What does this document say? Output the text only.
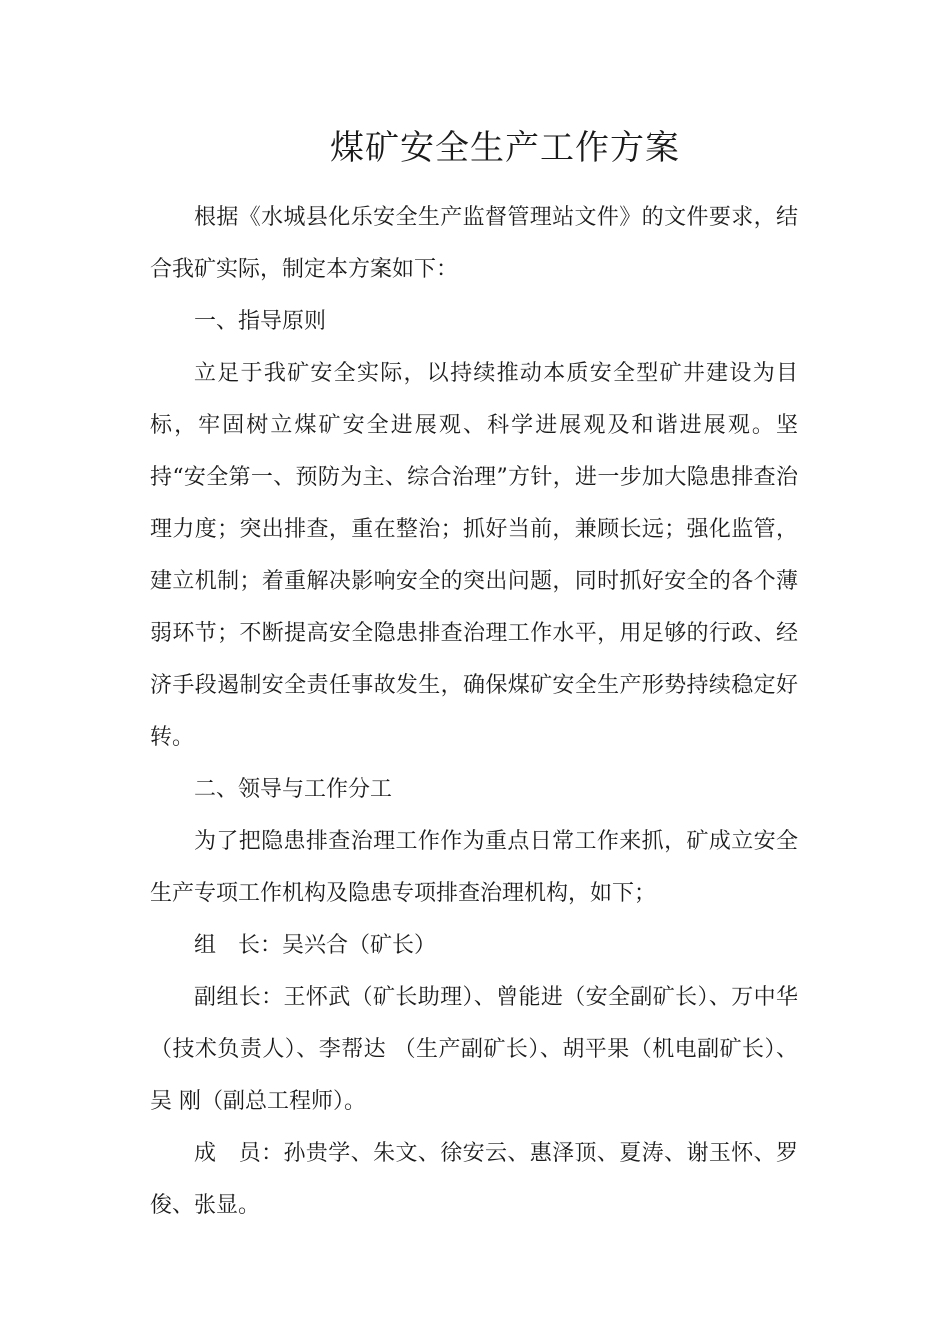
煤矿安全生产工作方案

根据《水城县化乐安全生产监督管理站文件》的文件要求，结合我矿实际，制定本方案如下：

一、指导原则

立足于我矿安全实际，以持续推动本质安全型矿井建设为目标，牢固树立煤矿安全进展观、科学进展观及和谐进展观。坚持“安全第一、预防为主、综合治理”方针，进一步加大隐患排查治理力度；突出排查，重在整治；抓好当前，兼顾长远；强化监管，建立机制；着重解决影响安全的突出问题，同时抓好安全的各个薄弱环节；不断提高安全隐患排查治理工作水平，用足够的行政、经济手段遏制安全责任事故发生，确保煤矿安全生产形势持续稳定好转。

二、领导与工作分工

为了把隐患排查治理工作作为重点日常工作来抓，矿成立安全生产专项工作机构及隐患专项排查治理机构，如下；

组　长：吴兴合（矿长）

副组长：王怀武（矿长助理）、曾能进（安全副矿长）、万中华（技术负责人）、李帮达 （生产副矿长）、胡平果（机电副矿长）、吴 刚（副总工程师）。

成　员：孙贵学、朱文、徐安云、惠泽顶、夏涛、谢玉怀、罗俊、张显。
